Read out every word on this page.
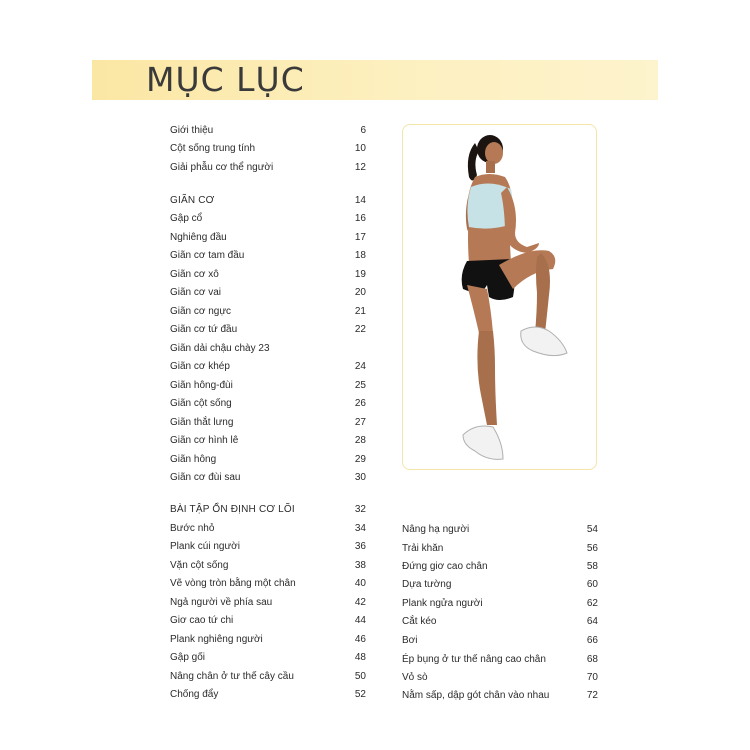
MỤC LỤC
Giới thiệu	6
Cột sống trung tính	10
Giải phẫu cơ thể người	12
GIÃN CƠ	14
Gập cổ	16
Nghiêng đầu	17
Giãn cơ tam đầu	18
Giãn cơ xô	19
Giãn cơ vai	20
Giãn cơ ngực	21
Giãn cơ tứ đầu	22
Giãn dải chậu chày 23
Giãn cơ khép	24
Giãn hông-đùi	25
Giãn cột sống	26
Giãn thắt lưng	27
Giãn cơ hình lê	28
Giãn hông	29
Giãn cơ đùi sau	30
BÀI TẬP ỔN ĐỊNH CƠ LÕI	32
Bước nhỏ	34
Plank cúi người	36
Vặn cột sống	38
Vẽ vòng tròn bằng một chân	40
Ngả người về phía sau	42
Giơ cao tứ chi	44
Plank nghiêng người	46
Gập gối	48
Nâng chân ở tư thế cây cầu	50
Chống đẩy	52
Nâng hạ người	54
Trải khăn	56
Đứng giơ cao chân	58
Dựa tường	60
Plank ngửa người	62
Cắt kéo	64
Bơi	66
Ép bụng ở tư thế nâng cao chân	68
Vỏ sò	70
Nằm sấp, dập gót chân vào nhau	72
